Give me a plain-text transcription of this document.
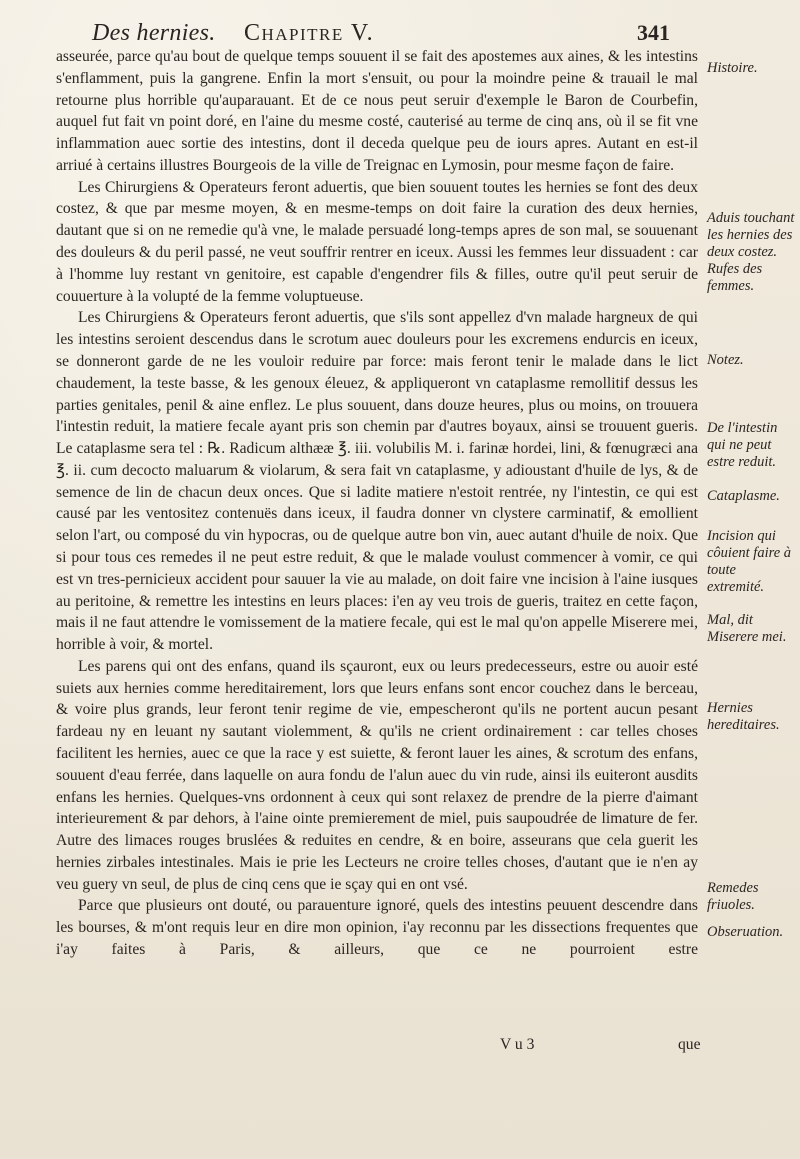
Des hernies. Chapitre V.	341

asseurée, parce qu'au bout de quelque temps souuent il se fait des apostemes aux aines, & les intestins s'enflamment, puis la gangrene. Enfin la mort s'ensuit, ou pour la moindre peine & trauail le mal retourne plus horrible qu'auparauant. Et de ce nous peut seruir d'exemple le Baron de Courbefin, auquel fut fait vn point doré, en l'aine du mesme costé, cauterisé au terme de cinq ans, où il se fit vne inflammation auec sortie des intestins, dont il deceda quelque peu de iours apres. Autant en est-il arriué à certains illustres Bourgeois de la ville de Treignac en Lymosin, pour mesme façon de faire.

Les Chirurgiens & Operateurs feront aduertis, que bien souuent toutes les hernies se font des deux costez, & que par mesme moyen, & en mesme-temps on doit faire la curation des deux hernies, dautant que si on ne remedie qu'à vne, le malade persuadé long-temps apres de son mal, se souuenant des douleurs & du peril passé, ne veut souffrir rentrer en iceux. Aussi les femmes leur dissuadent : car à l'homme luy restant vn genitoire, est capable d'engendrer fils & filles, outre qu'il peut seruir de couuerture à la volupté de la femme voluptueuse.

Les Chirurgiens & Operateurs feront aduertis, que s'ils sont appellez d'vn malade hargneux de qui les intestins seroient descendus dans le scrotum auec douleurs pour les excremens endurcis en iceux, se donneront garde de ne les vouloir reduire par force: mais feront tenir le malade dans le lict chaudement, la teste basse, & les genoux éleuez, & appliqueront vn cataplasme remollitif dessus les parties genitales, penil & aine enflez. Le plus souuent, dans douze heures, plus ou moins, on trouuera l'intestin reduit, la matiere fecale ayant pris son chemin par d'autres boyaux, ainsi se trouuent gueris. Le cataplasme sera tel : ℞. Radicum althææ ℥. iii. volubilis M. i. farinæ hordei, lini, & fœnugræci ana ℥. ii. cum decocto maluarum & violarum, & sera fait vn cataplasme, y adioustant d'huile de lys, & de semence de lin de chacun deux onces. Que si ladite matiere n'estoit rentrée, ny l'intestin, ce qui est causé par les ventositez contenuës dans iceux, il faudra donner vn clystere carminatif, & emollient selon l'art, ou composé du vin hypocras, ou de quelque autre bon vin, auec autant d'huile de noix. Que si pour tous ces remedes il ne peut estre reduit, & que le malade voulust commencer à vomir, ce qui est vn tres-pernicieux accident pour sauuer la vie au malade, on doit faire vne incision à l'aine iusques au peritoine, & remettre les intestins en leurs places: i'en ay veu trois de gueris, traitez en cette façon, mais il ne faut attendre le vomissement de la matiere fecale, qui est le mal qu'on appelle Miserere mei, horrible à voir, & mortel.

Les parens qui ont des enfans, quand ils sçauront, eux ou leurs predecesseurs, estre ou auoir esté suiets aux hernies comme hereditairement, lors que leurs enfans sont encor couchez dans le berceau, & voire plus grands, leur feront tenir regime de vie, empescheront qu'ils ne portent aucun pesant fardeau ny en leuant ny sautant violemment, & qu'ils ne crient ordinairement : car telles choses facilitent les hernies, auec ce que la race y est suiette, & feront lauer les aines, & scrotum des enfans, souuent d'eau ferrée, dans laquelle on aura fondu de l'alun auec du vin rude, ainsi ils euiteront ausdits enfans les hernies. Quelques-vns ordonnent à ceux qui sont relaxez de prendre de la pierre d'aimant interieurement & par dehors, à l'aine ointe premierement de miel, puis saupoudrée de limature de fer. Autre des limaces rouges bruslées & reduites en cendre, & en boire, asseurans que cela guerit les hernies zirbales intestinales. Mais ie prie les Lecteurs ne croire telles choses, d'autant que ie n'en ay veu guery vn seul, de plus de cinq cens que ie sçay qui en ont vsé.

Parce que plusieurs ont douté, ou parauenture ignoré, quels des intestins peuuent descendre dans les bourses, & m'ont requis leur en dire mon opinion, i'ay reconnu par les dissections frequentes que i'ay faites à Paris, & ailleurs, que ce ne pourroient estre

Histoire.
Aduis touchant les hernies des deux costez. Rufes des femmes.
Notez.
De l'intestin qui ne peut estre reduit.
Cataplasme.
Incision qui côuient faire à toute extremité.
Mal, dit Miserere mei.
Hernies hereditaires.
Remedes friuoles.
Obseruation.
V u 3	que
